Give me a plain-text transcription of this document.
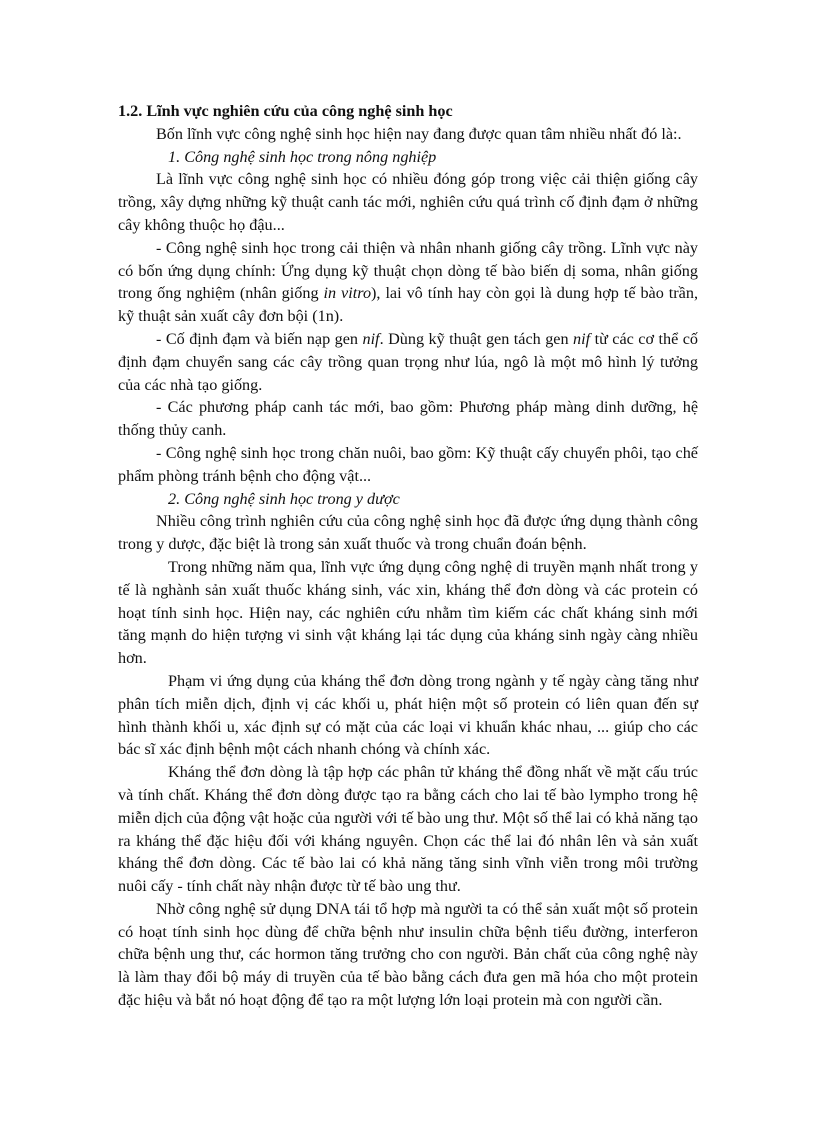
1.2. Lĩnh vực nghiên cứu của công nghệ sinh học

Bốn lĩnh vực công nghệ sinh học hiện nay đang được quan tâm nhiều nhất đó là:.

1. Công nghệ sinh học trong nông nghiệp

Là lĩnh vực công nghệ sinh học có nhiều đóng góp trong việc cải thiện giống cây trồng, xây dựng những kỹ thuật canh tác mới, nghiên cứu quá trình cố định đạm ở những cây không thuộc họ đậu...

- Công nghệ sinh học trong cải thiện và nhân nhanh giống cây trồng. Lĩnh vực này có bốn ứng dụng chính: Ứng dụng kỹ thuật chọn dòng tế bào biến dị soma, nhân giống trong ống nghiệm (nhân giống in vitro), lai vô tính hay còn gọi là dung hợp tế bào trần, kỹ thuật sản xuất cây đơn bội (1n).

- Cố định đạm và biến nạp gen nif. Dùng kỹ thuật gen tách gen nif từ các cơ thể cố định đạm chuyển sang các cây trồng quan trọng như lúa, ngô là một mô hình lý tưởng của các nhà tạo giống.

- Các phương pháp canh tác mới, bao gồm: Phương pháp màng dinh dưỡng, hệ thống thủy canh.

- Công nghệ sinh học trong chăn nuôi, bao gồm: Kỹ thuật cấy chuyển phôi, tạo chế phẩm phòng tránh bệnh cho động vật...

2. Công nghệ sinh học trong y dược

Nhiều công trình nghiên cứu của công nghệ sinh học đã được ứng dụng thành công trong y dược, đặc biệt là trong sản xuất thuốc và trong chuẩn đoán bệnh.

Trong những năm qua, lĩnh vực ứng dụng công nghệ di truyền mạnh nhất trong y tế là nghành sản xuất thuốc kháng sinh, vác xin, kháng thể đơn dòng và các protein có hoạt tính sinh học. Hiện nay, các nghiên cứu nhằm tìm kiếm các chất kháng sinh mới tăng mạnh do hiện tượng vi sinh vật kháng lại tác dụng của kháng sinh ngày càng nhiều hơn.

Phạm vi ứng dụng của kháng thể đơn dòng trong ngành y tế ngày càng tăng như phân tích miễn dịch, định vị các khối u, phát hiện một số protein có liên quan đến sự hình thành khối u, xác định sự có mặt của các loại vi khuẩn khác nhau, ... giúp cho các bác sĩ xác định bệnh một cách nhanh chóng và chính xác.

Kháng thể đơn dòng là tập hợp các phân tử kháng thể đồng nhất về mặt cấu trúc và tính chất. Kháng thể đơn dòng được tạo ra bằng cách cho lai tế bào lympho trong hệ miễn dịch của động vật hoặc của người với tế bào ung thư. Một số thể lai có khả năng tạo ra kháng thể đặc hiệu đối với kháng nguyên. Chọn các thể lai đó nhân lên và sản xuất kháng thể đơn dòng. Các tế bào lai có khả năng tăng sinh vĩnh viễn trong môi trường nuôi cấy - tính chất này nhận được từ tế bào ung thư.

Nhờ công nghệ sử dụng DNA tái tổ hợp mà người ta có thể sản xuất một số protein có hoạt tính sinh học dùng để chữa bệnh như insulin chữa bệnh tiểu đường, interferon chữa bệnh ung thư, các hormon tăng trưởng cho con người. Bản chất của công nghệ này là làm thay đổi bộ máy di truyền của tế bào bằng cách đưa gen mã hóa cho một protein đặc hiệu và bắt nó hoạt động để tạo ra một lượng lớn loại protein mà con người cần.
